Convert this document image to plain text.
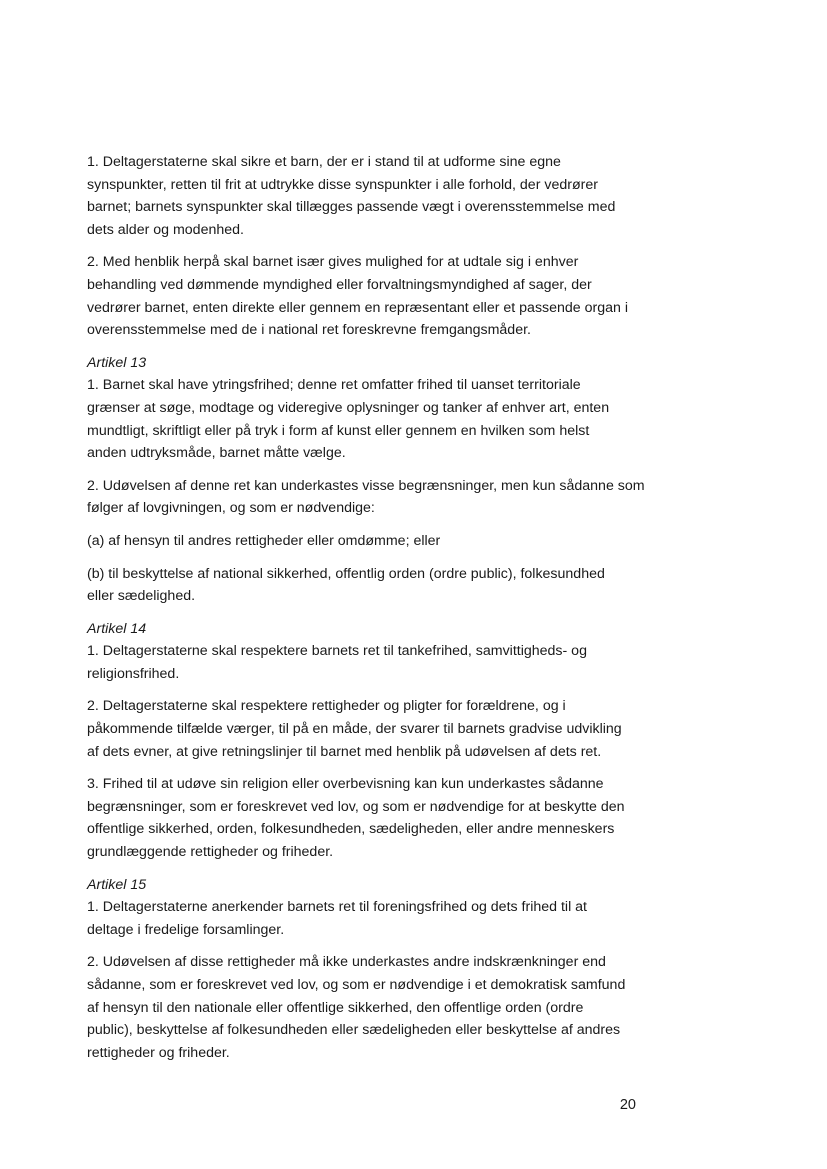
1. Deltagerstaterne skal sikre et barn, der er i stand til at udforme sine egne
synspunkter, retten til frit at udtrykke disse synspunkter i alle forhold, der vedrører
barnet; barnets synspunkter skal tillægges passende vægt i overensstemmelse med
dets alder og modenhed.

2. Med henblik herpå skal barnet især gives mulighed for at udtale sig i enhver
behandling ved dømmende myndighed eller forvaltningsmyndighed af sager, der
vedrører barnet, enten direkte eller gennem en repræsentant eller et passende organ i
overensstemmelse med de i national ret foreskrevne fremgangsmåder.

Artikel 13

1. Barnet skal have ytringsfrihed; denne ret omfatter frihed til uanset territoriale
grænser at søge, modtage og videregive oplysninger og tanker af enhver art, enten
mundtligt, skriftligt eller på tryk i form af kunst eller gennem en hvilken som helst
anden udtryksmåde, barnet måtte vælge.

2. Udøvelsen af denne ret kan underkastes visse begrænsninger, men kun sådanne som
følger af lovgivningen, og som er nødvendige:

(a) af hensyn til andres rettigheder eller omdømme; eller

(b) til beskyttelse af national sikkerhed, offentlig orden (ordre public), folkesundhed
eller sædelighed.

Artikel 14

1. Deltagerstaterne skal respektere barnets ret til tankefrihed, samvittigheds- og
religionsfrihed.

2. Deltagerstaterne skal respektere rettigheder og pligter for forældrene, og i
påkommende tilfælde værger, til på en måde, der svarer til barnets gradvise udvikling
af dets evner, at give retningslinjer til barnet med henblik på udøvelsen af dets ret.

3. Frihed til at udøve sin religion eller overbevisning kan kun underkastes sådanne
begrænsninger, som er foreskrevet ved lov, og som er nødvendige for at beskytte den
offentlige sikkerhed, orden, folkesundheden, sædeligheden, eller andre menneskers
grundlæggende rettigheder og friheder.

Artikel 15

1. Deltagerstaterne anerkender barnets ret til foreningsfrihed og dets frihed til at
deltage i fredelige forsamlinger.

2. Udøvelsen af disse rettigheder må ikke underkastes andre indskrænkninger end
sådanne, som er foreskrevet ved lov, og som er nødvendige i et demokratisk samfund
af hensyn til den nationale eller offentlige sikkerhed, den offentlige orden (ordre
public), beskyttelse af folkesundheden eller sædeligheden eller beskyttelse af andres
rettigheder og friheder.

20
